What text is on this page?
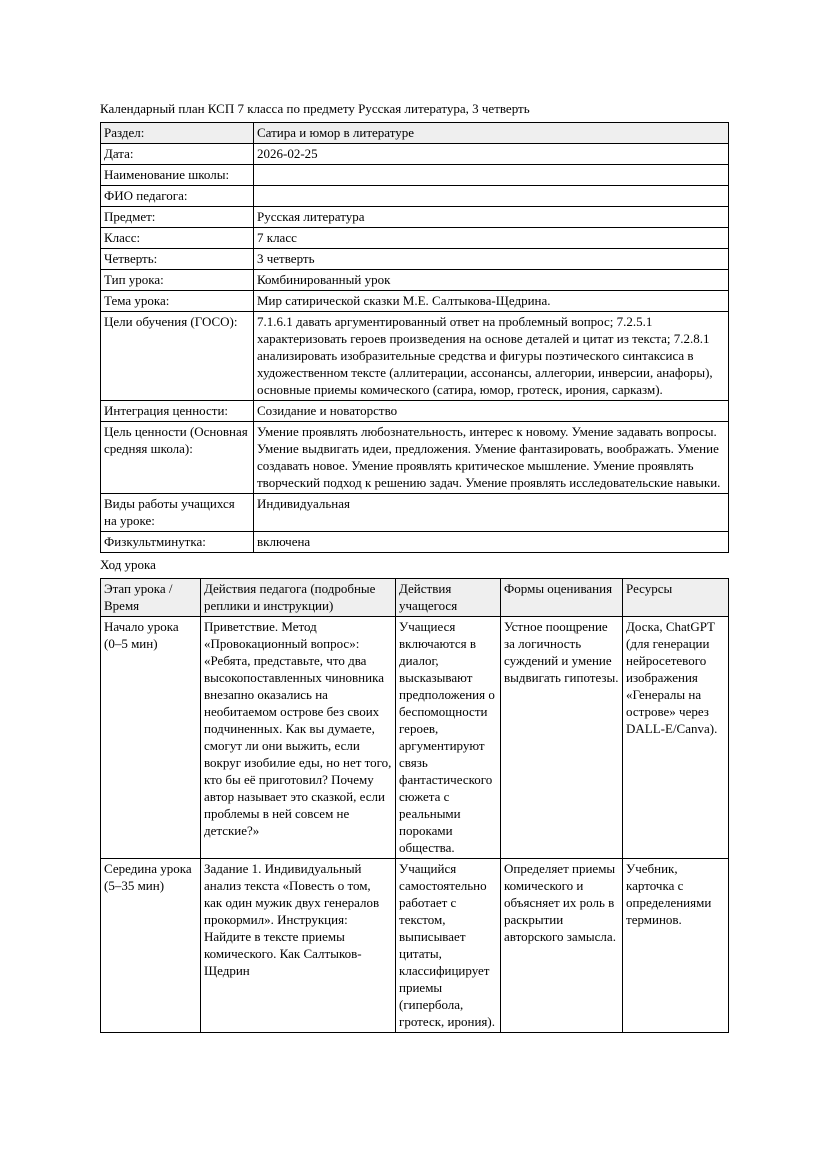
Календарный план КСП 7 класса по предмету Русская литература, 3 четверть
Раздел:	Сатира и юмор в литературе
Дата:	2026-02-25
Наименование школы:	
ФИО педагога:	
Предмет:	Русская литература
Класс:	7 класс
Четверть:	3 четверть
Тип урока:	Комбинированный урок
Тема урока:	Мир сатирической сказки М.Е. Салтыкова-Щедрина.
Цели обучения (ГОСО):	7.1.6.1 давать аргументированный ответ на проблемный вопрос; 7.2.5.1 характеризовать героев произведения на основе деталей и цитат из текста; 7.2.8.1 анализировать изобразительные средства и фигуры поэтического синтаксиса в художественном тексте (аллитерации, ассонансы, аллегории, инверсии, анафоры), основные приемы комического (сатира, юмор, гротеск, ирония, сарказм).
Интеграция ценности:	Созидание и новаторство
Цель ценности (Основная средняя школа):	Умение проявлять любознательность, интерес к новому. Умение задавать вопросы. Умение выдвигать идеи, предложения. Умение фантазировать, воображать. Умение создавать новое. Умение проявлять критическое мышление. Умение проявлять творческий подход к решению задач. Умение проявлять исследовательские навыки.
Виды работы учащихся на уроке:	Индивидуальная
Физкультминутка:	включена
Ход урока
Этап урока / Время	Действия педагога (подробные реплики и инструкции)	Действия учащегося	Формы оценивания	Ресурсы
Начало урока (0–5 мин)	Приветствие. Метод «Провокационный вопрос»: «Ребята, представьте, что два высокопоставленных чиновника внезапно оказались на необитаемом острове без своих подчиненных. Как вы думаете, смогут ли они выжить, если вокруг изобилие еды, но нет того, кто бы её приготовил? Почему автор называет это сказкой, если проблемы в ней совсем не детские?»	Учащиеся включаются в диалог, высказывают предположения о беспомощности героев, аргументируют связь фантастического сюжета с реальными пороками общества.	Устное поощрение за логичность суждений и умение выдвигать гипотезы.	Доска, ChatGPT (для генерации нейросетевого изображения «Генералы на острове» через DALL-E/Canva).
Середина урока (5–35 мин)	Задание 1. Индивидуальный анализ текста «Повесть о том, как один мужик двух генералов прокормил». Инструкция: Найдите в тексте приемы комического. Как Салтыков-Щедрин	Учащийся самостоятельно работает с текстом, выписывает цитаты, классифицирует приемы (гипербола, гротеск, ирония).	Определяет приемы комического и объясняет их роль в раскрытии авторского замысла.	Учебник, карточка с определениями терминов.
